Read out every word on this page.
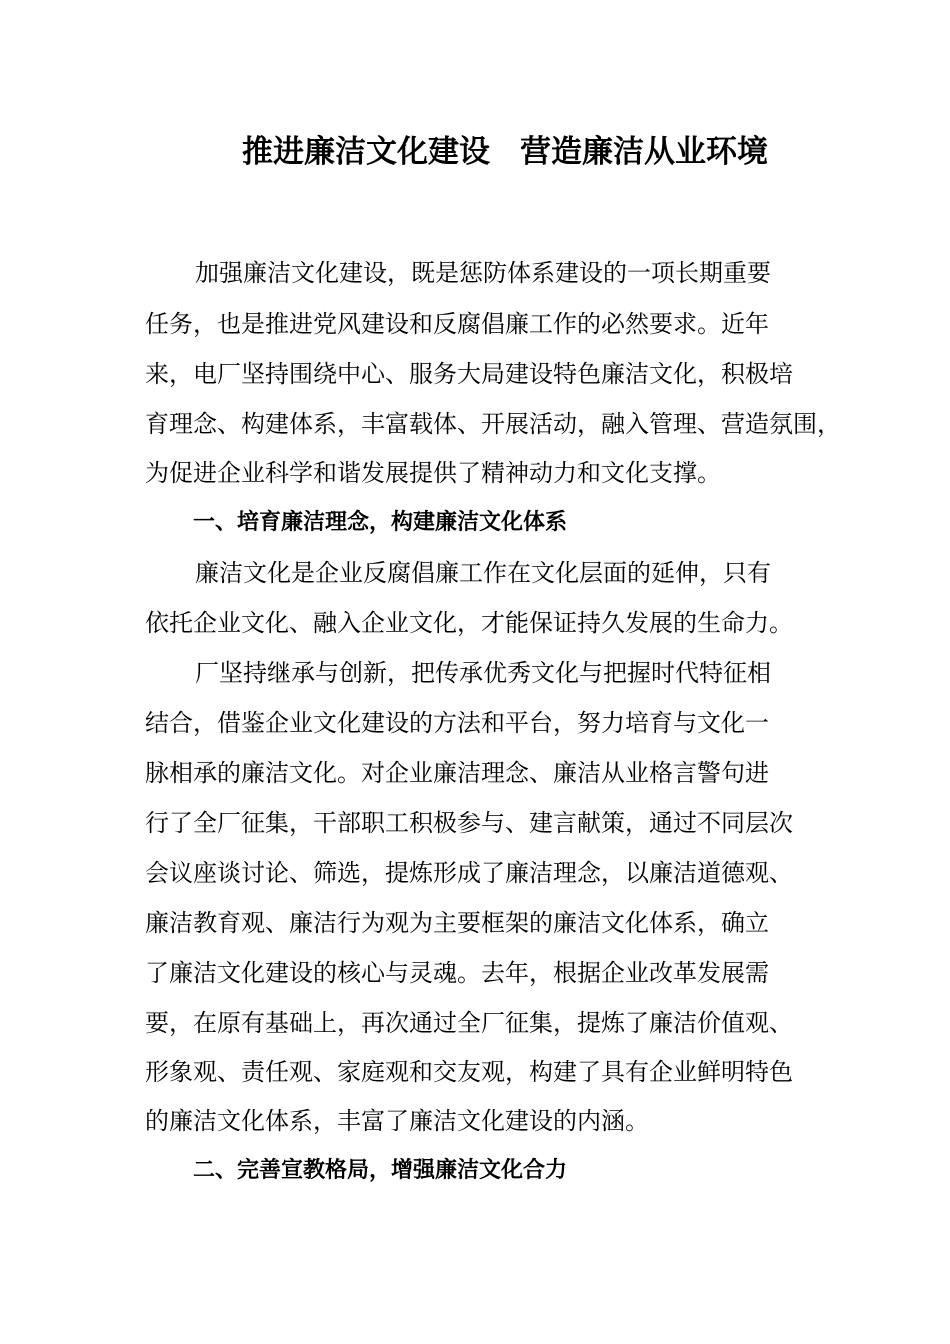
推进廉洁文化建设 营造廉洁从业环境
加强廉洁文化建设，既是惩防体系建设的一项长期重要
任务，也是推进党风建设和反腐倡廉工作的必然要求。近年
来，电厂坚持围绕中心、服务大局建设特色廉洁文化，积极培
育理念、构建体系，丰富载体、开展活动，融入管理、营造氛围，
为促进企业科学和谐发展提供了精神动力和文化支撑。
一、培育廉洁理念，构建廉洁文化体系
廉洁文化是企业反腐倡廉工作在文化层面的延伸，只有
依托企业文化、融入企业文化，才能保证持久发展的生命力。
厂坚持继承与创新，把传承优秀文化与把握时代特征相
结合，借鉴企业文化建设的方法和平台，努力培育与文化一
脉相承的廉洁文化。对企业廉洁理念、廉洁从业格言警句进
行了全厂征集，干部职工积极参与、建言献策，通过不同层次
会议座谈讨论、筛选，提炼形成了廉洁理念，以廉洁道德观、
廉洁教育观、廉洁行为观为主要框架的廉洁文化体系，确立
了廉洁文化建设的核心与灵魂。去年，根据企业改革发展需
要，在原有基础上，再次通过全厂征集，提炼了廉洁价值观、
形象观、责任观、家庭观和交友观，构建了具有企业鲜明特色
的廉洁文化体系，丰富了廉洁文化建设的内涵。
二、完善宣教格局，增强廉洁文化合力
